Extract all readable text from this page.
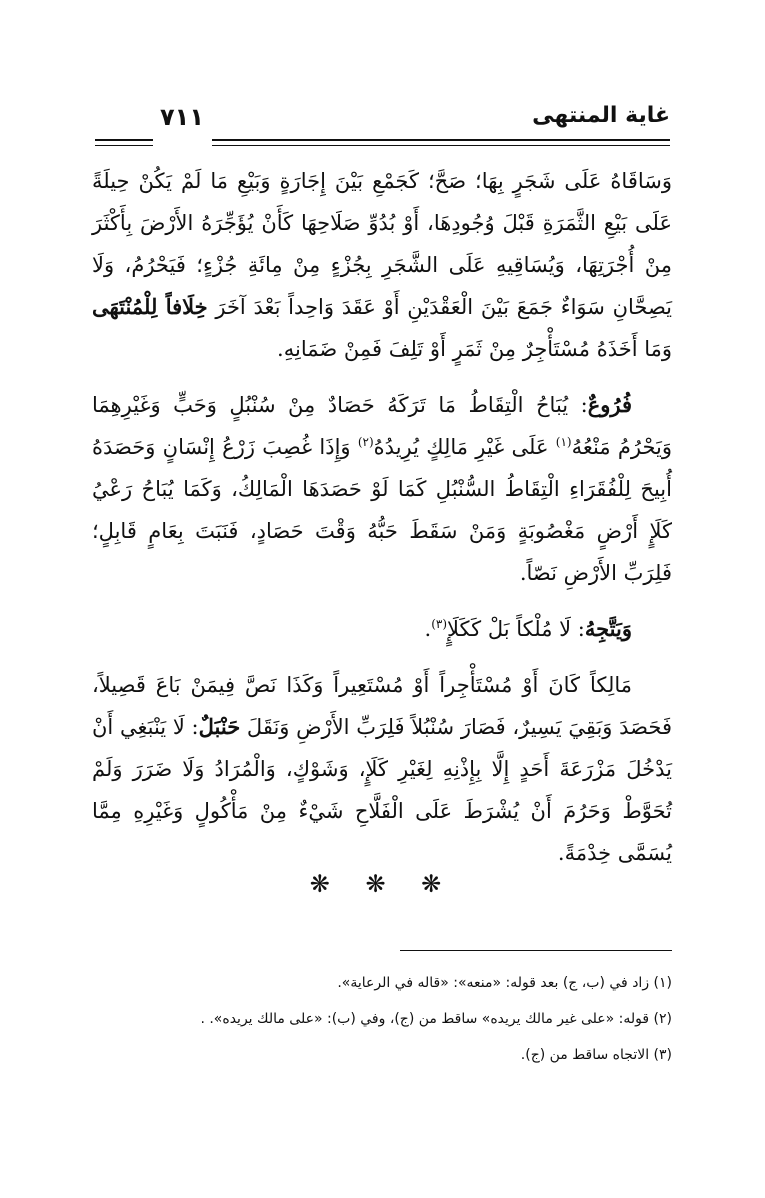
غاية المنتهى
٧١١

وَسَاقَاهُ عَلَى شَجَرٍ بِهَا؛ صَحَّ؛ كَجَمْعِ بَيْنَ إِجَارَةٍ وَبَيْعِ مَا لَمْ يَكُنْ حِيلَةً عَلَى بَيْعِ الثَّمَرَةِ قَبْلَ وُجُودِهَا، أَوْ بُدُوِّ صَلَاحِهَا كَأَنْ يُؤَجِّرَهُ الأَرْضَ بِأَكْثَرَ مِنْ أُجْرَتِهَا، وَيُسَاقِيهِ عَلَى الشَّجَرِ بِجُزْءٍ مِنْ مِائَةِ جُزْءٍ؛ فَيَحْرُمُ، وَلَا يَصِحَّانِ سَوَاءٌ جَمَعَ بَيْنَ الْعَقْدَيْنِ أَوْ عَقَدَ وَاحِداً بَعْدَ آخَرَ خِلَافاً لِلْمُنْتَهَى وَمَا أَخَذَهُ مُسْتَأْجِرٌ مِنْ ثَمَرٍ أَوْ تَلِفَ فَمِنْ ضَمَانِهِ.

فُرُوعٌ: يُبَاحُ الْتِقَاطُ مَا تَرَكَهُ حَصَادٌ مِنْ سُنْبُلٍ وَحَبٍّ وَغَيْرِهِمَا وَيَحْرُمُ مَنْعُهُ$^{(١)}$ عَلَى غَيْرِ مَالِكٍ يُرِيدُهُ$^{(٢)}$ وَإِذَا غُصِبَ زَرْعُ إِنْسَانٍ وَحَصَدَهُ أُبِيحَ لِلْفُقَرَاءِ الْتِقَاطُ السُّنْبُلِ كَمَا لَوْ حَصَدَهَا الْمَالِكُ، وَكَمَا يُبَاحُ رَعْيُ كَلَإٍ أَرْضٍ مَغْصُوبَةٍ وَمَنْ سَقَطَ حَبُّهُ وَقْتَ حَصَادٍ، فَنَبَتَ بِعَامٍ قَابِلٍ؛ فَلِرَبِّ الأَرْضِ نَصّاً.

وَيَتَّجِهُ: لَا مُلْكاً بَلْ كَكَلَإٍ$^{(٣)}$.

مَالِكاً كَانَ أَوْ مُسْتَأْجِراً أَوْ مُسْتَعِيراً وَكَذَا نَصَّ فِيمَنْ بَاعَ قَصِيلاً، فَحَصَدَ وَبَقِيَ يَسِيرٌ، فَصَارَ سُنْبُلاً فَلِرَبِّ الأَرْضِ وَنَقَلَ حَنْبَلٌ: لَا يَنْبَغِي أَنْ يَدْخُلَ مَزْرَعَةَ أَحَدٍ إِلَّا بِإِذْنِهِ لِغَيْرِ كَلَإٍ، وَشَوْكٍ، وَالْمُرَادُ وَلَا ضَرَرَ وَلَمْ تُحَوَّطْ وَحَرُمَ أَنْ يُشْرَطَ عَلَى الْفَلَّاحِ شَيْءٌ مِنْ مَأْكُولٍ وَغَيْرِهِ مِمَّا يُسَمَّى خِدْمَةً.

❋ ❋ ❋

(١) زاد في (ب، ج) بعد قوله: «منعه»: «قاله في الرعاية».

(٢) قوله: «على غير مالك يريده» ساقط من (ج)، وفي (ب): «على مالك يريده». .

(٣) الاتجاه ساقط من (ج).
